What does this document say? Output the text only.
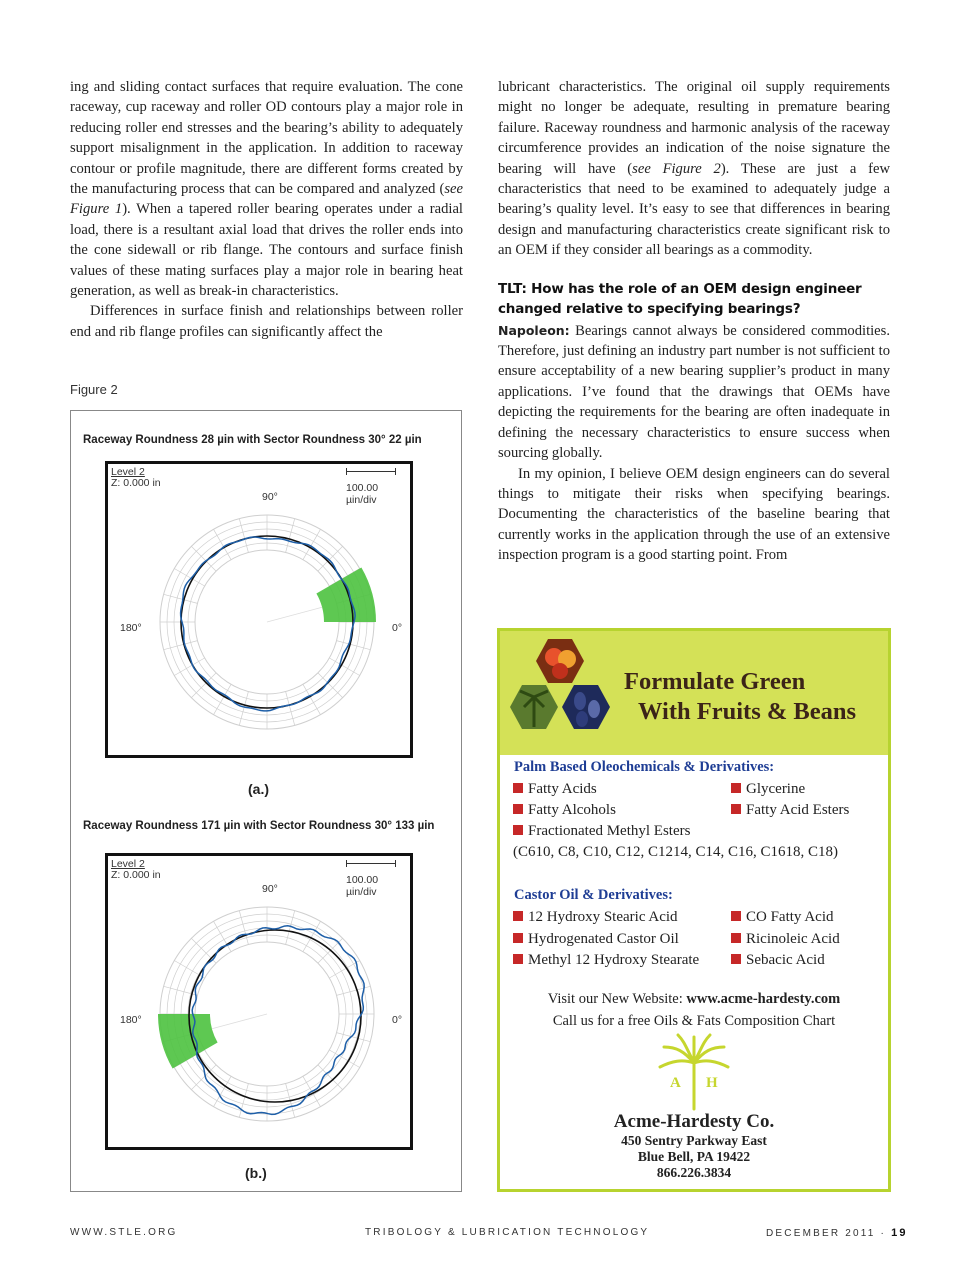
ing and sliding contact surfaces that require evaluation. The cone raceway, cup raceway and roller OD contours play a major role in reducing roller end stresses and the bearing’s ability to adequately support misalignment in the application. In addition to raceway contour or profile magnitude, there are different forms created by the manufacturing process that can be compared and analyzed (see Figure 1). When a tapered roller bearing operates under a radial load, there is a resultant axial load that drives the roller ends into the cone sidewall or rib flange. The contours and surface finish values of these mating surfaces play a major role in bearing heat generation, as well as break-in characteristics.

Differences in surface finish and relationships between roller end and rib flange profiles can significantly affect the

Figure 2
Raceway Roundness 28 µin with Sector Roundness 30° 22 µin
Level 2
Z: 0.000 in	100.00 µin/div
90°
180°	0°
(a.)
Raceway Roundness 171 µin with Sector Roundness 30° 133 µin
Level 2
Z: 0.000 in	100.00 µin/div
90°
180°	0°
(b.)

lubricant characteristics. The original oil supply requirements might no longer be adequate, resulting in premature bearing failure. Raceway roundness and harmonic analysis of the raceway circumference provides an indication of the noise signature the bearing will have (see Figure 2). These are just a few characteristics that need to be examined to adequately judge a bearing’s quality level. It’s easy to see that differences in bearing design and manufacturing characteristics create significant risk to an OEM if they consider all bearings as a commodity.

TLT: How has the role of an OEM design engineer changed relative to specifying bearings?

Napoleon: Bearings cannot always be considered commodities. Therefore, just defining an industry part number is not sufficient to ensure acceptability of a new bearing supplier’s product in many applications. I’ve found that the drawings that OEMs have depicting the requirements for the bearing are often inadequate in defining the necessary characteristics to ensure success when sourcing globally.

In my opinion, I believe OEM design engineers can do several things to mitigate their risks when specifying bearings. Documenting the characteristics of the baseline bearing that currently works in the application through the use of an extensive inspection program is a good starting point. From

Formulate Green
With Fruits & Beans
Palm Based Oleochemicals & Derivatives:
Fatty Acids	Glycerine
Fatty Alcohols	Fatty Acid Esters
Fractionated Methyl Esters
(C610, C8, C10, C12, C1214, C14, C16, C1618, C18)
Castor Oil & Derivatives:
12 Hydroxy Stearic Acid	CO Fatty Acid
Hydrogenated Castor Oil	Ricinoleic Acid
Methyl 12 Hydroxy Stearate	Sebacic Acid
Visit our New Website: www.acme-hardesty.com
Call us for a free Oils & Fats Composition Chart
A H
Acme-Hardesty Co.
450 Sentry Parkway East
Blue Bell, PA 19422
866.226.3834
WWW.STLE.ORG	TRIBOLOGY & LUBRICATION TECHNOLOGY	DECEMBER 2011 · 19
